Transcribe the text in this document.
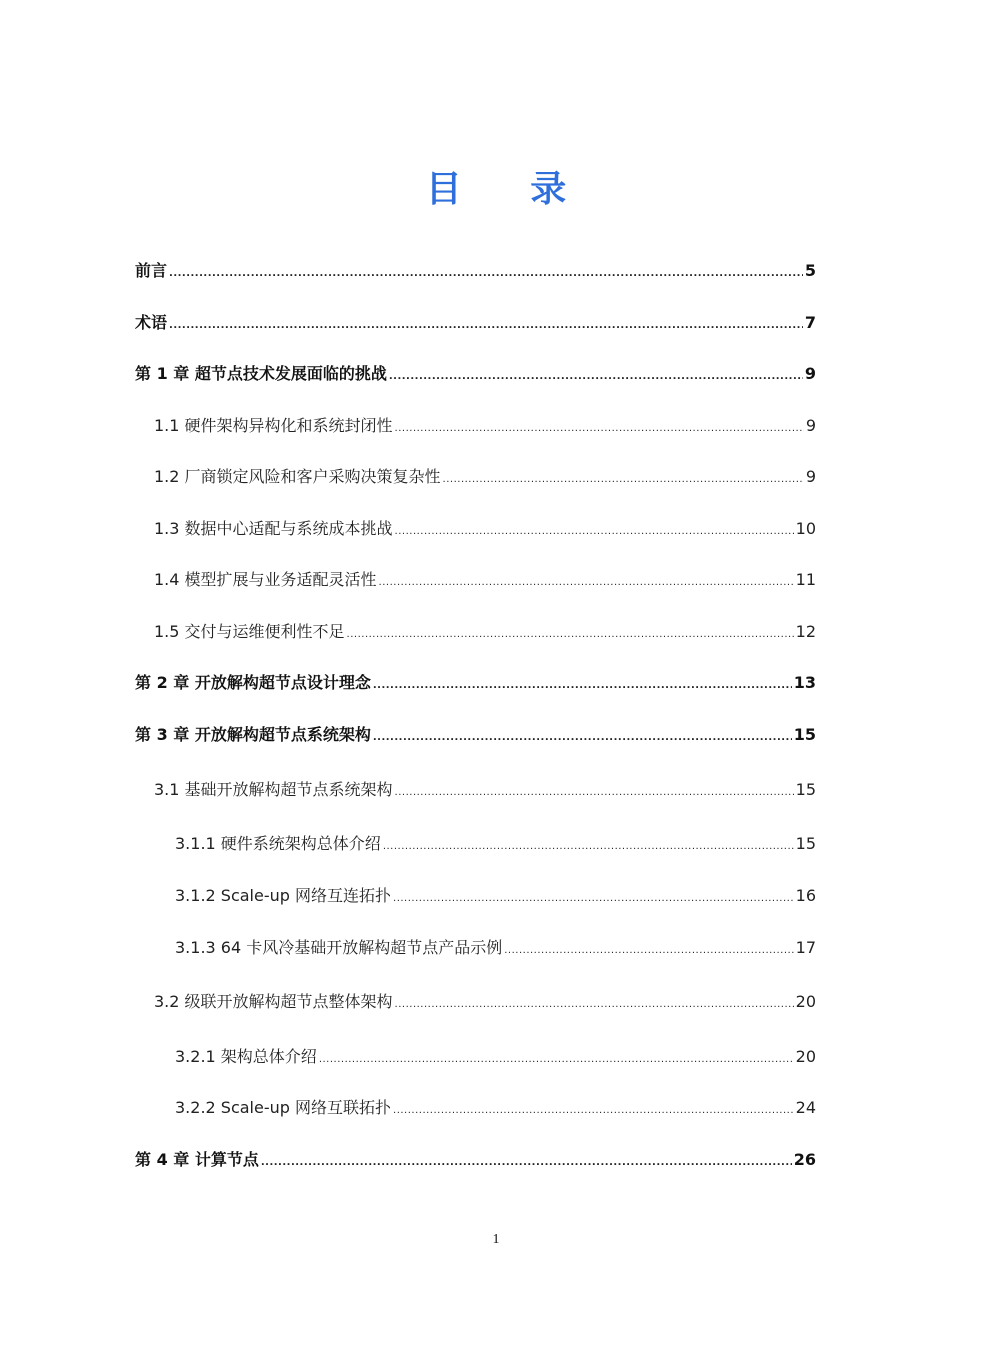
目 录
前言 .....	5
术语 .....	7
第 1 章 超节点技术发展面临的挑战 .....	9
1.1 硬件架构异构化和系统封闭性 .....	9
1.2 厂商锁定风险和客户采购决策复杂性 .....	9
1.3 数据中心适配与系统成本挑战 .....	10
1.4 模型扩展与业务适配灵活性 .....	11
1.5 交付与运维便利性不足 .....	12
第 2 章 开放解构超节点设计理念 .....	13
第 3 章 开放解构超节点系统架构 .....	15
3.1 基础开放解构超节点系统架构 .....	15
3.1.1 硬件系统架构总体介绍 .....	15
3.1.2 Scale-up 网络互连拓扑 .....	16
3.1.3 64 卡风冷基础开放解构超节点产品示例 .....	17
3.2 级联开放解构超节点整体架构 .....	20
3.2.1 架构总体介绍 .....	20
3.2.2 Scale-up 网络互联拓扑 .....	24
第 4 章 计算节点 .....	26
1
